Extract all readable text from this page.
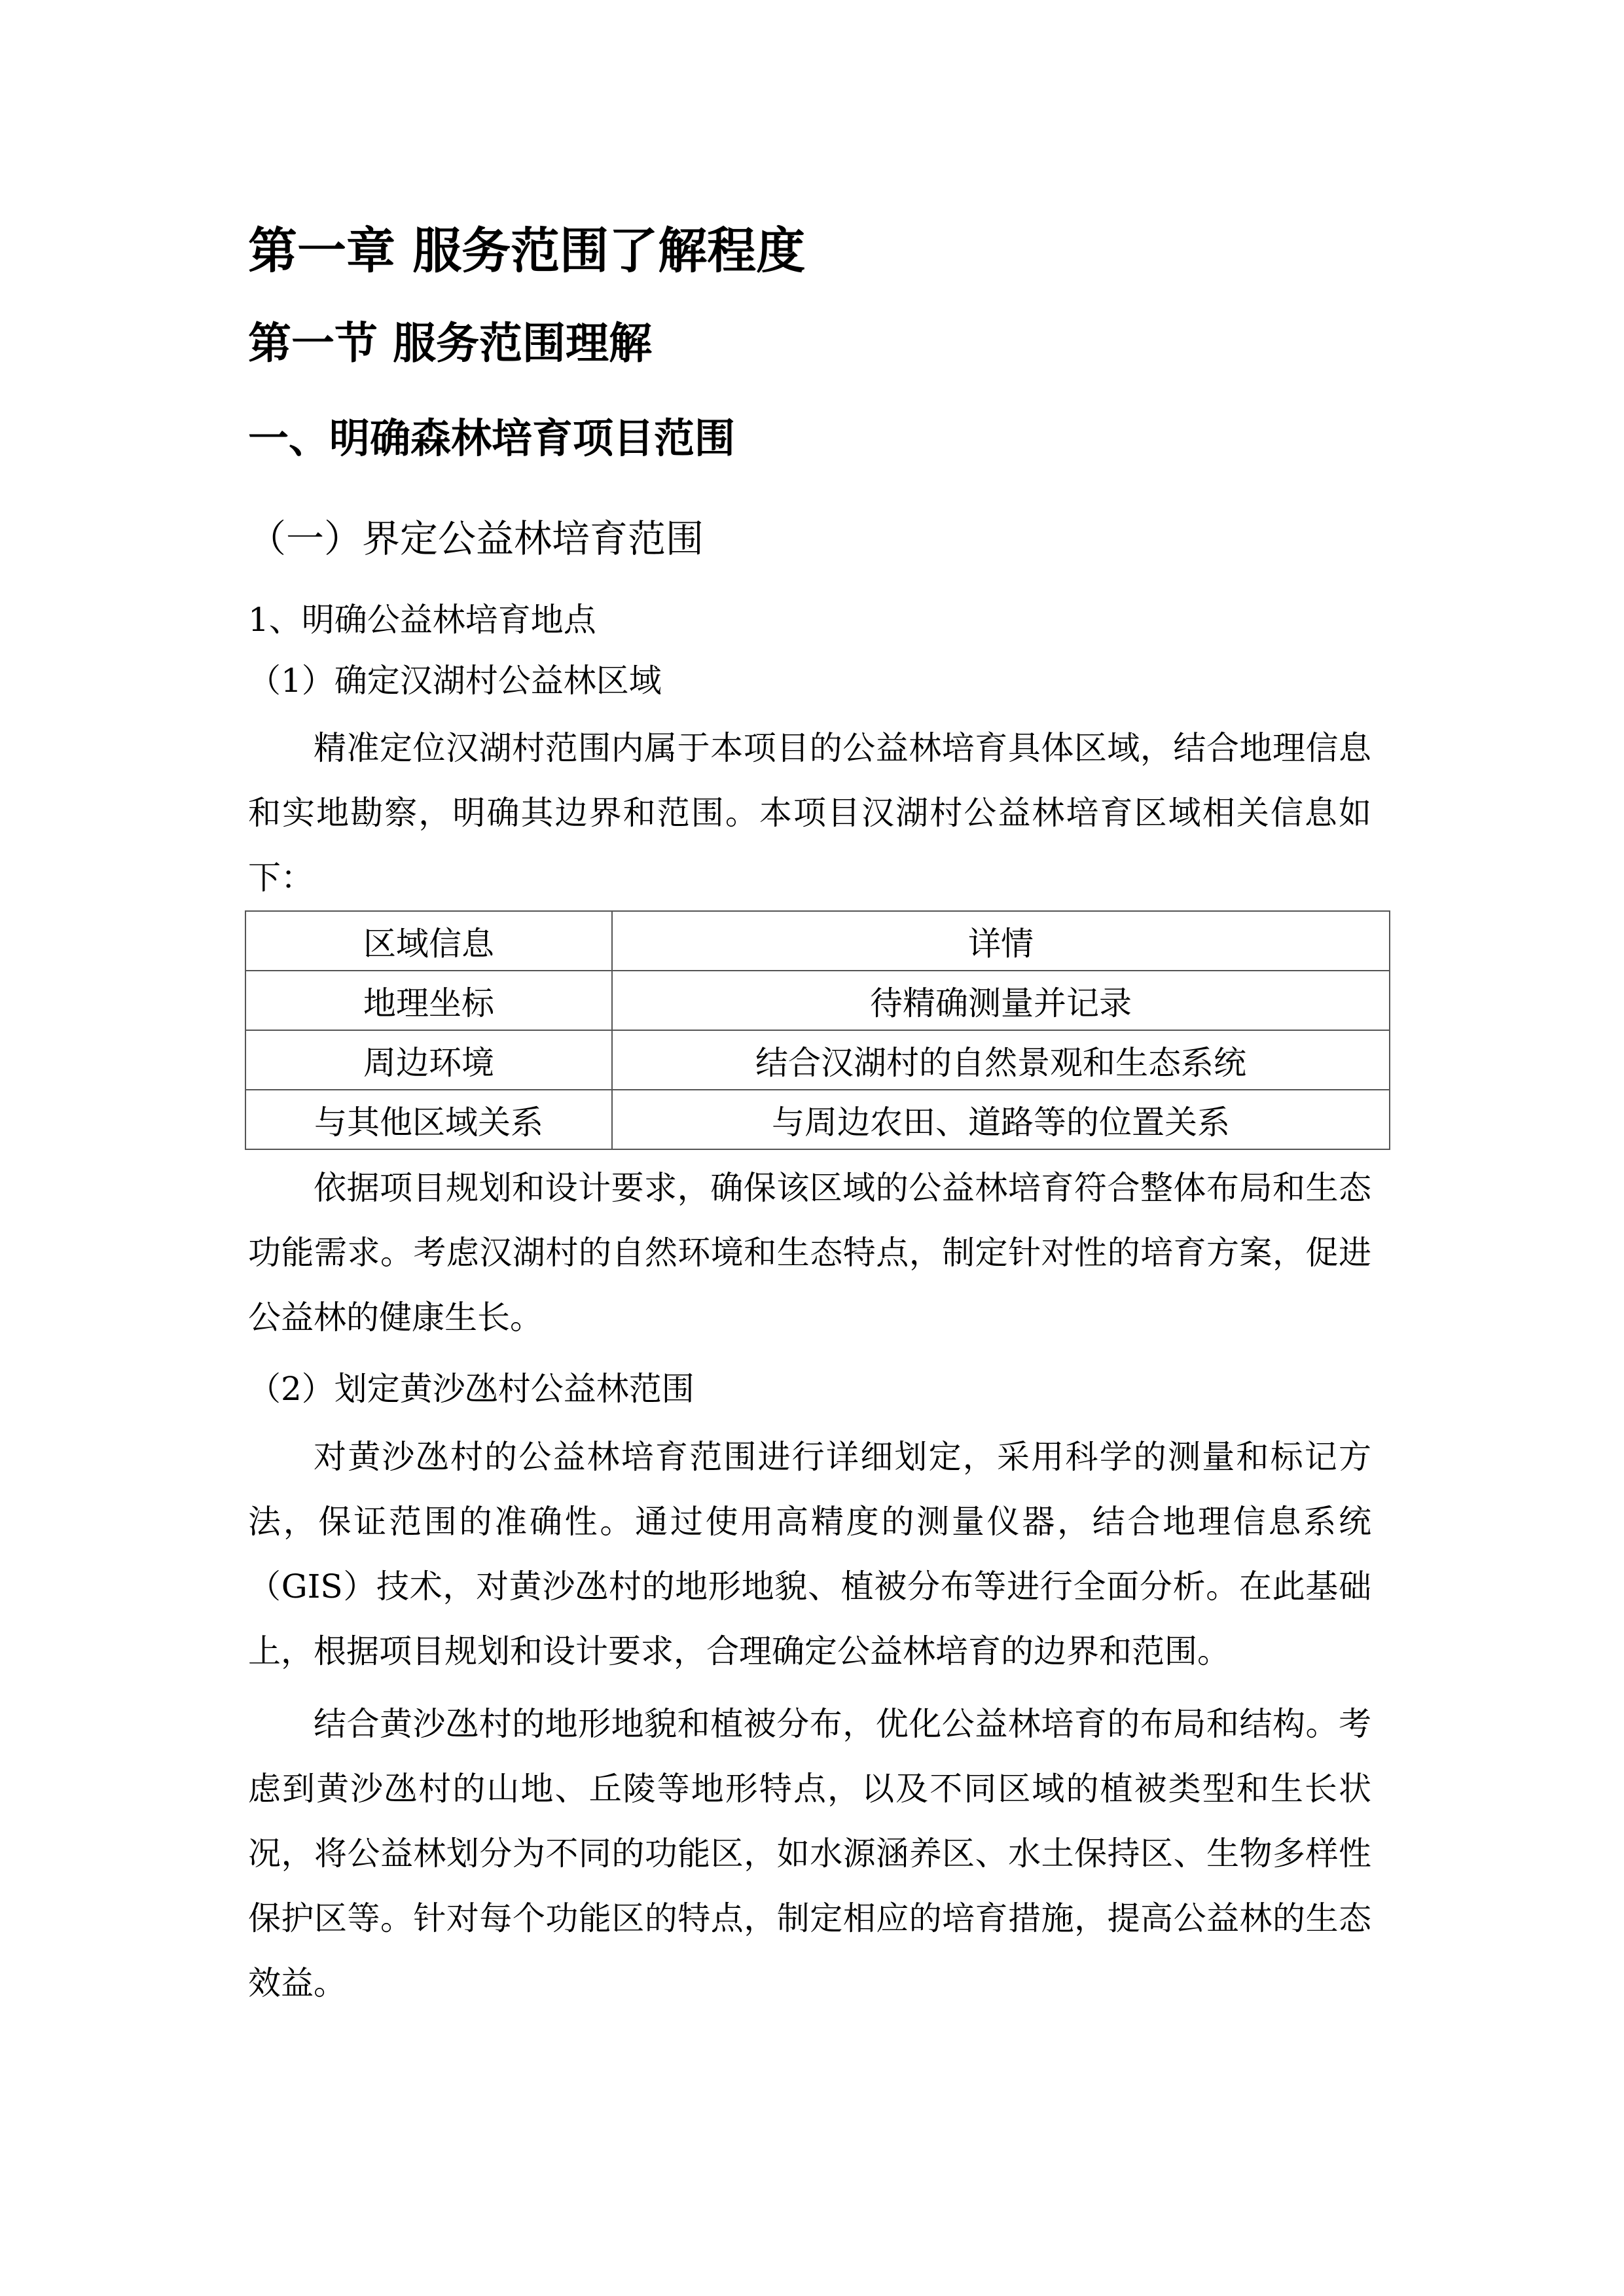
第一章 服务范围了解程度
第一节 服务范围理解
一、明确森林培育项目范围
（一）界定公益林培育范围
1、明确公益林培育地点
（1）确定汉湖村公益林区域

精准定位汉湖村范围内属于本项目的公益林培育具体区域，结合地理信息和实地勘察，明确其边界和范围。本项目汉湖村公益林培育区域相关信息如下：

区域信息	详情
地理坐标	待精确测量并记录
周边环境	结合汉湖村的自然景观和生态系统
与其他区域关系	与周边农田、道路等的位置关系

依据项目规划和设计要求，确保该区域的公益林培育符合整体布局和生态功能需求。考虑汉湖村的自然环境和生态特点，制定针对性的培育方案，促进公益林的健康生长。

（2）划定黄沙氹村公益林范围

对黄沙氹村的公益林培育范围进行详细划定，采用科学的测量和标记方法，保证范围的准确性。通过使用高精度的测量仪器，结合地理信息系统（GIS）技术，对黄沙氹村的地形地貌、植被分布等进行全面分析。在此基础上，根据项目规划和设计要求，合理确定公益林培育的边界和范围。

结合黄沙氹村的地形地貌和植被分布，优化公益林培育的布局和结构。考虑到黄沙氹村的山地、丘陵等地形特点，以及不同区域的植被类型和生长状况，将公益林划分为不同的功能区，如水源涵养区、水土保持区、生物多样性保护区等。针对每个功能区的特点，制定相应的培育措施，提高公益林的生态效益。
